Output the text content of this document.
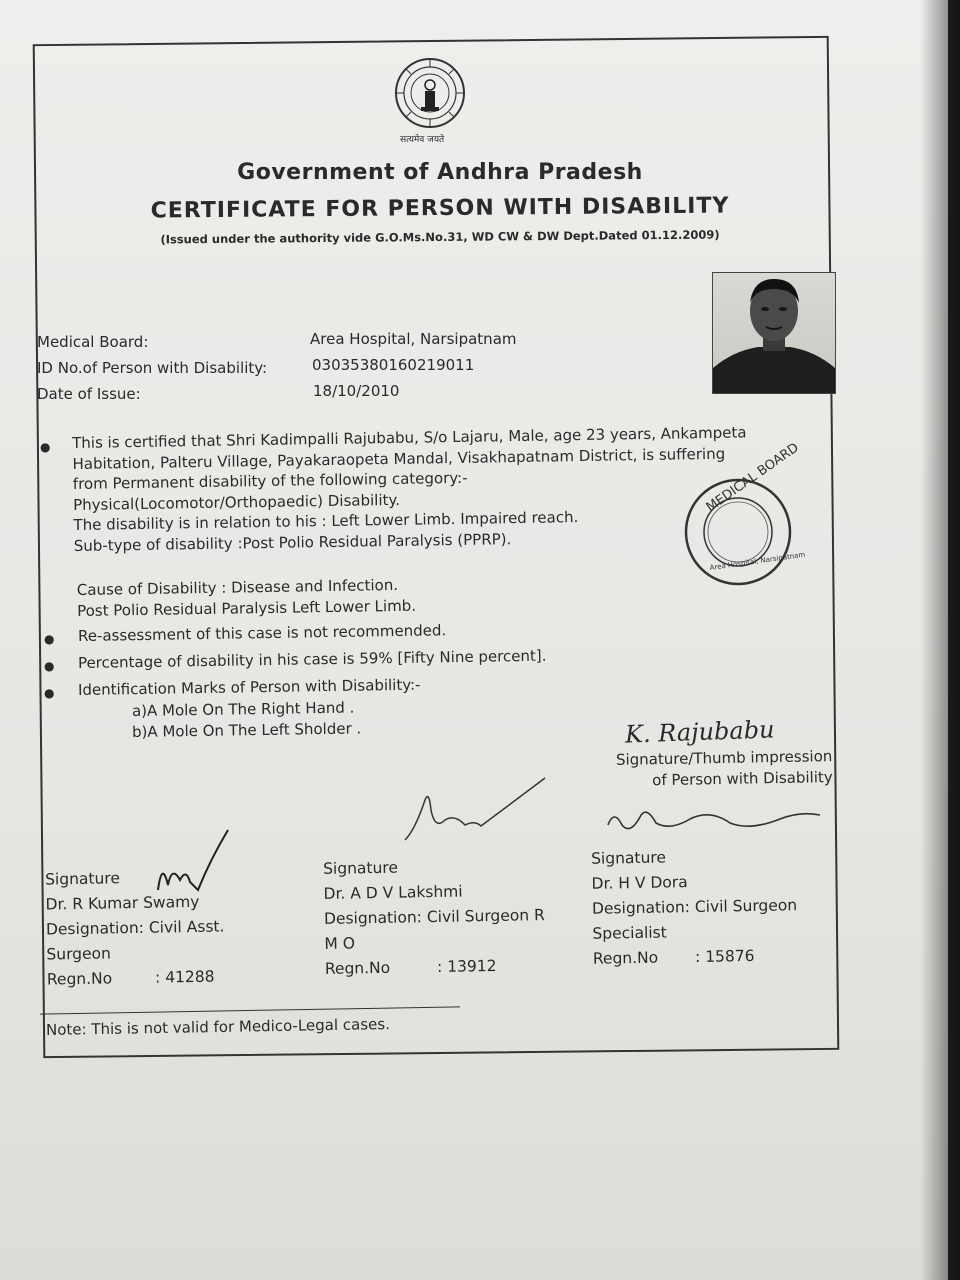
सत्यमेव जयते
Government of Andhra Pradesh
CERTIFICATE FOR PERSON WITH DISABILITY
(Issued under the authority vide G.O.Ms.No.31, WD CW & DW Dept.Dated 01.12.2009)
Medical Board:	Area Hospital, Narsipatnam
ID No.of Person with Disability:	03035380160219011
Date of Issue:	18/10/2010
● This is certified that Shri Kadimpalli Rajubabu, S/o Lajaru, Male, age 23 years, Ankampeta
Habitation, Palteru Village, Payakaraopeta Mandal, Visakhapatnam District, is suffering
from Permanent disability of the following category:-
Physical(Locomotor/Orthopaedic) Disability.
The disability is in relation to his : Left Lower Limb. Impaired reach.
Sub-type of disability :Post Polio Residual Paralysis (PPRP).
MEDICAL BOARD
Area Hospital, Narsipatnam
Cause of Disability : Disease and Infection.
Post Polio Residual Paralysis Left Lower Limb.
● Re-assessment of this case is not recommended.
● Percentage of disability in his case is 59% [Fifty Nine percent].
● Identification Marks of Person with Disability:-
a)A Mole On The Right Hand .
b)A Mole On The Left Sholder .	K. Rajubabu
Signature/Thumb impression
of Person with Disability
Signature
Dr. R Kumar Swamy
Designation: Civil Asst.
Surgeon
Regn.No	: 41288
Signature
Dr. A D V Lakshmi
Designation: Civil Surgeon R
M O
Regn.No	: 13912
Signature
Dr. H V Dora
Designation: Civil Surgeon
Specialist
Regn.No : 15876
Note: This is not valid for Medico-Legal cases.
